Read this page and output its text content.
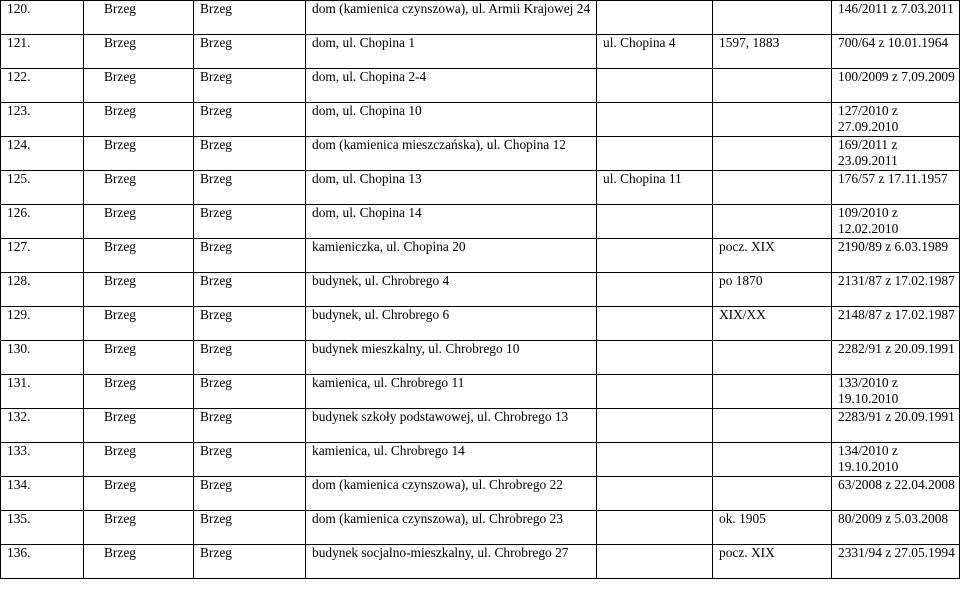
120.	Brzeg	Brzeg	dom (kamienica czynszowa), ul. Armii Krajowej 24			146/2011 z 7.03.2011
121.	Brzeg	Brzeg	dom, ul. Chopina 1	ul. Chopina 4	1597, 1883	700/64 z 10.01.1964
122.	Brzeg	Brzeg	dom, ul. Chopina 2-4			100/2009 z 7.09.2009
123.	Brzeg	Brzeg	dom, ul. Chopina 10			127/2010 z 27.09.2010
124.	Brzeg	Brzeg	dom (kamienica mieszczańska), ul. Chopina 12			169/2011 z 23.09.2011
125.	Brzeg	Brzeg	dom, ul. Chopina 13	ul. Chopina 11		176/57 z 17.11.1957
126.	Brzeg	Brzeg	dom, ul. Chopina 14			109/2010 z 12.02.2010
127.	Brzeg	Brzeg	kamieniczka, ul. Chopina 20		pocz. XIX	2190/89 z 6.03.1989
128.	Brzeg	Brzeg	budynek, ul. Chrobrego 4		po 1870	2131/87 z 17.02.1987
129.	Brzeg	Brzeg	budynek, ul. Chrobrego 6		XIX/XX	2148/87 z 17.02.1987
130.	Brzeg	Brzeg	budynek mieszkalny, ul. Chrobrego 10			2282/91 z 20.09.1991
131.	Brzeg	Brzeg	kamienica, ul. Chrobrego 11			133/2010 z 19.10.2010
132.	Brzeg	Brzeg	budynek szkoły podstawowej, ul. Chrobrego 13			2283/91 z 20.09.1991
133.	Brzeg	Brzeg	kamienica, ul. Chrobrego 14			134/2010 z 19.10.2010
134.	Brzeg	Brzeg	dom (kamienica czynszowa), ul. Chrobrego 22			63/2008 z 22.04.2008
135.	Brzeg	Brzeg	dom (kamienica czynszowa), ul. Chrobrego 23		ok. 1905	80/2009 z 5.03.2008
136.	Brzeg	Brzeg	budynek socjalno-mieszkalny, ul. Chrobrego 27		pocz. XIX	2331/94 z 27.05.1994
